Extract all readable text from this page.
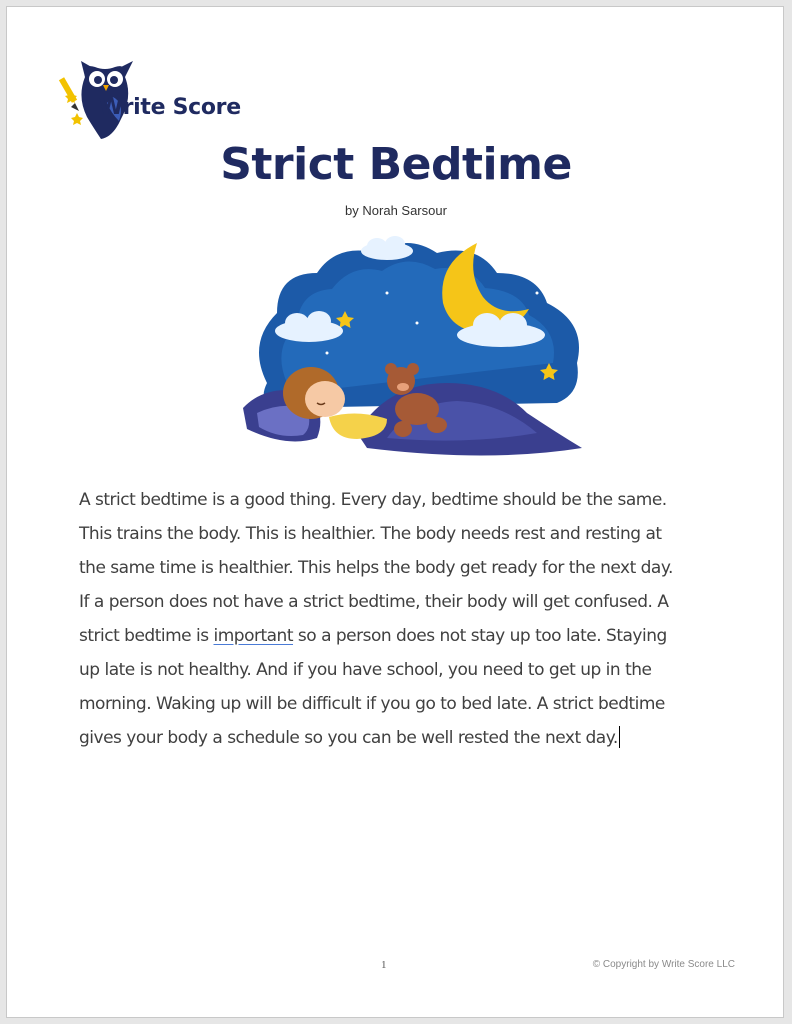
Write Score
Strict Bedtime
by Norah Sarsour
A strict bedtime is a good thing. Every day, bedtime should be the same.
This trains the body. This is healthier. The body needs rest and resting at
the same time is healthier. This helps the body get ready for the next day.
If a person does not have a strict bedtime, their body will get confused. A
strict bedtime is important so a person does not stay up too late. Staying
up late is not healthy. And if you have school, you need to get up in the
morning. Waking up will be difficult if you go to bed late. A strict bedtime
gives your body a schedule so you can be well rested the next day.
1	© Copyright by Write Score LLC
